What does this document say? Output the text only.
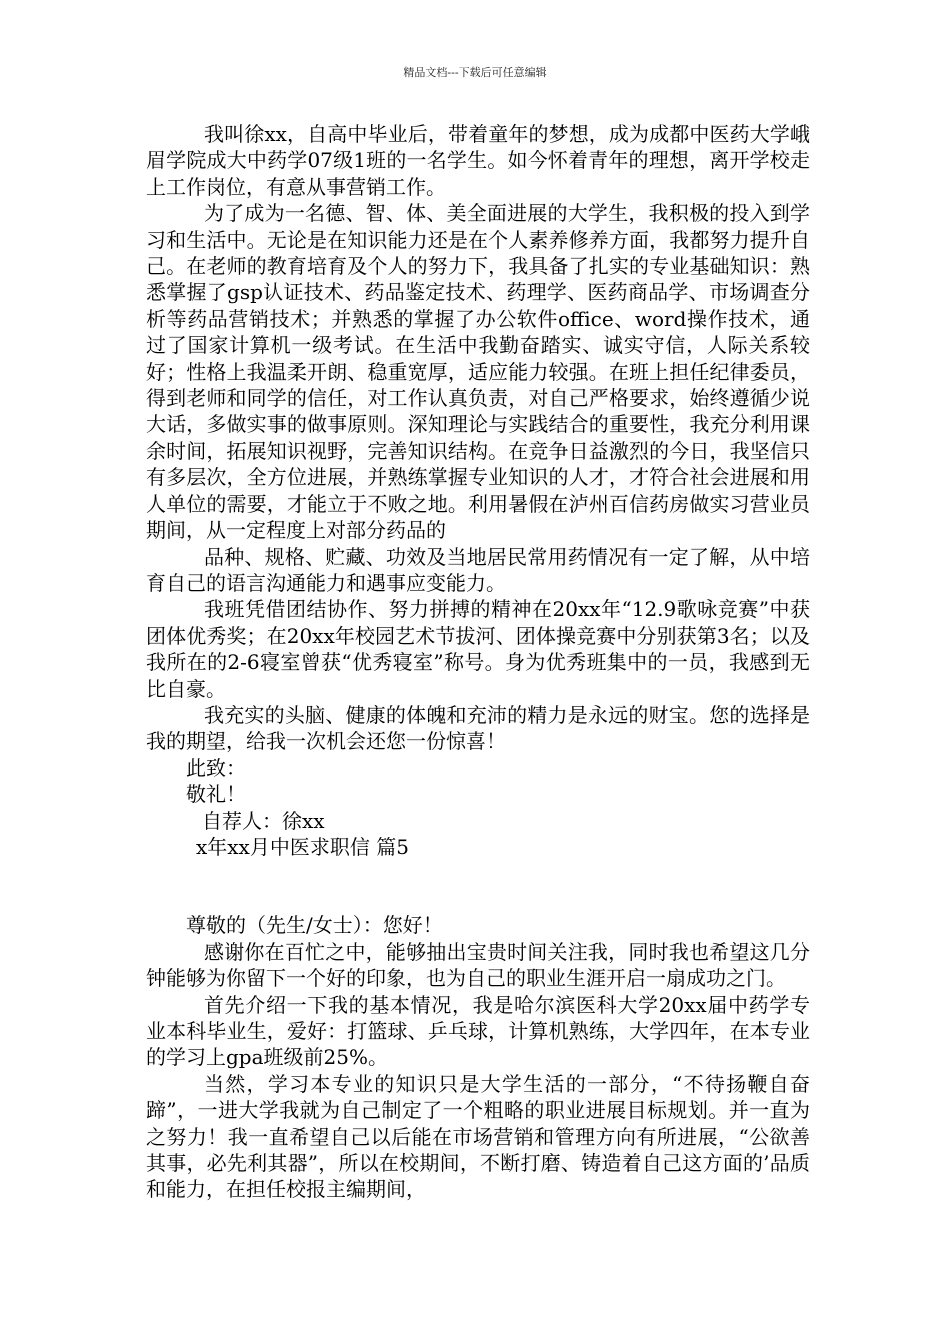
精品文档---下载后可任意编辑

我叫徐xx，自高中毕业后，带着童年的梦想，成为成都中医药大学峨眉学院成大中药学07级1班的一名学生。如今怀着青年的理想，离开学校走上工作岗位，有意从事营销工作。

为了成为一名德、智、体、美全面进展的大学生，我积极的投入到学习和生活中。无论是在知识能力还是在个人素养修养方面，我都努力提升自己。在老师的教育培育及个人的努力下，我具备了扎实的专业基础知识：熟悉掌握了gsp认证技术、药品鉴定技术、药理学、医药商品学、市场调查分析等药品营销技术；并熟悉的掌握了办公软件office、word操作技术，通过了国家计算机一级考试。在生活中我勤奋踏实、诚实守信，人际关系较好；性格上我温柔开朗、稳重宽厚，适应能力较强。在班上担任纪律委员，得到老师和同学的信任，对工作认真负责，对自己严格要求，始终遵循少说大话，多做实事的做事原则。深知理论与实践结合的重要性，我充分利用课余时间，拓展知识视野，完善知识结构。在竞争日益激烈的今日，我坚信只有多层次，全方位进展，并熟练掌握专业知识的人才，才符合社会进展和用人单位的需要，才能立于不败之地。利用暑假在泸州百信药房做实习营业员期间，从一定程度上对部分药品的

品种、规格、贮藏、功效及当地居民常用药情况有一定了解，从中培育自己的语言沟通能力和遇事应变能力。

我班凭借团结协作、努力拼搏的精神在20xx年“12.9歌咏竞赛”中获团体优秀奖；在20xx年校园艺术节拔河、团体操竞赛中分别获第3名；以及我所在的2-6寝室曾获“优秀寝室”称号。身为优秀班集中的一员，我感到无比自豪。

我充实的头脑、健康的体魄和充沛的精力是永远的财宝。您的选择是我的期望，给我一次机会还您一份惊喜！

此致：

敬礼！

自荐人：徐xx

x年xx月中医求职信 篇5

尊敬的（先生/女士）：您好！

感谢你在百忙之中，能够抽出宝贵时间关注我，同时我也希望这几分钟能够为你留下一个好的印象，也为自己的职业生涯开启一扇成功之门。

首先介绍一下我的基本情况，我是哈尔滨医科大学20xx届中药学专业本科毕业生，爱好：打篮球、乒乓球，计算机熟练，大学四年，在本专业的学习上gpa班级前25%。

当然，学习本专业的知识只是大学生活的一部分，“不待扬鞭自奋蹄”，一进大学我就为自己制定了一个粗略的职业进展目标规划。并一直为之努力！我一直希望自己以后能在市场营销和管理方向有所进展，“公欲善其事，必先利其器”，所以在校期间，不断打磨、铸造着自己这方面的’品质和能力，在担任校报主编期间，
